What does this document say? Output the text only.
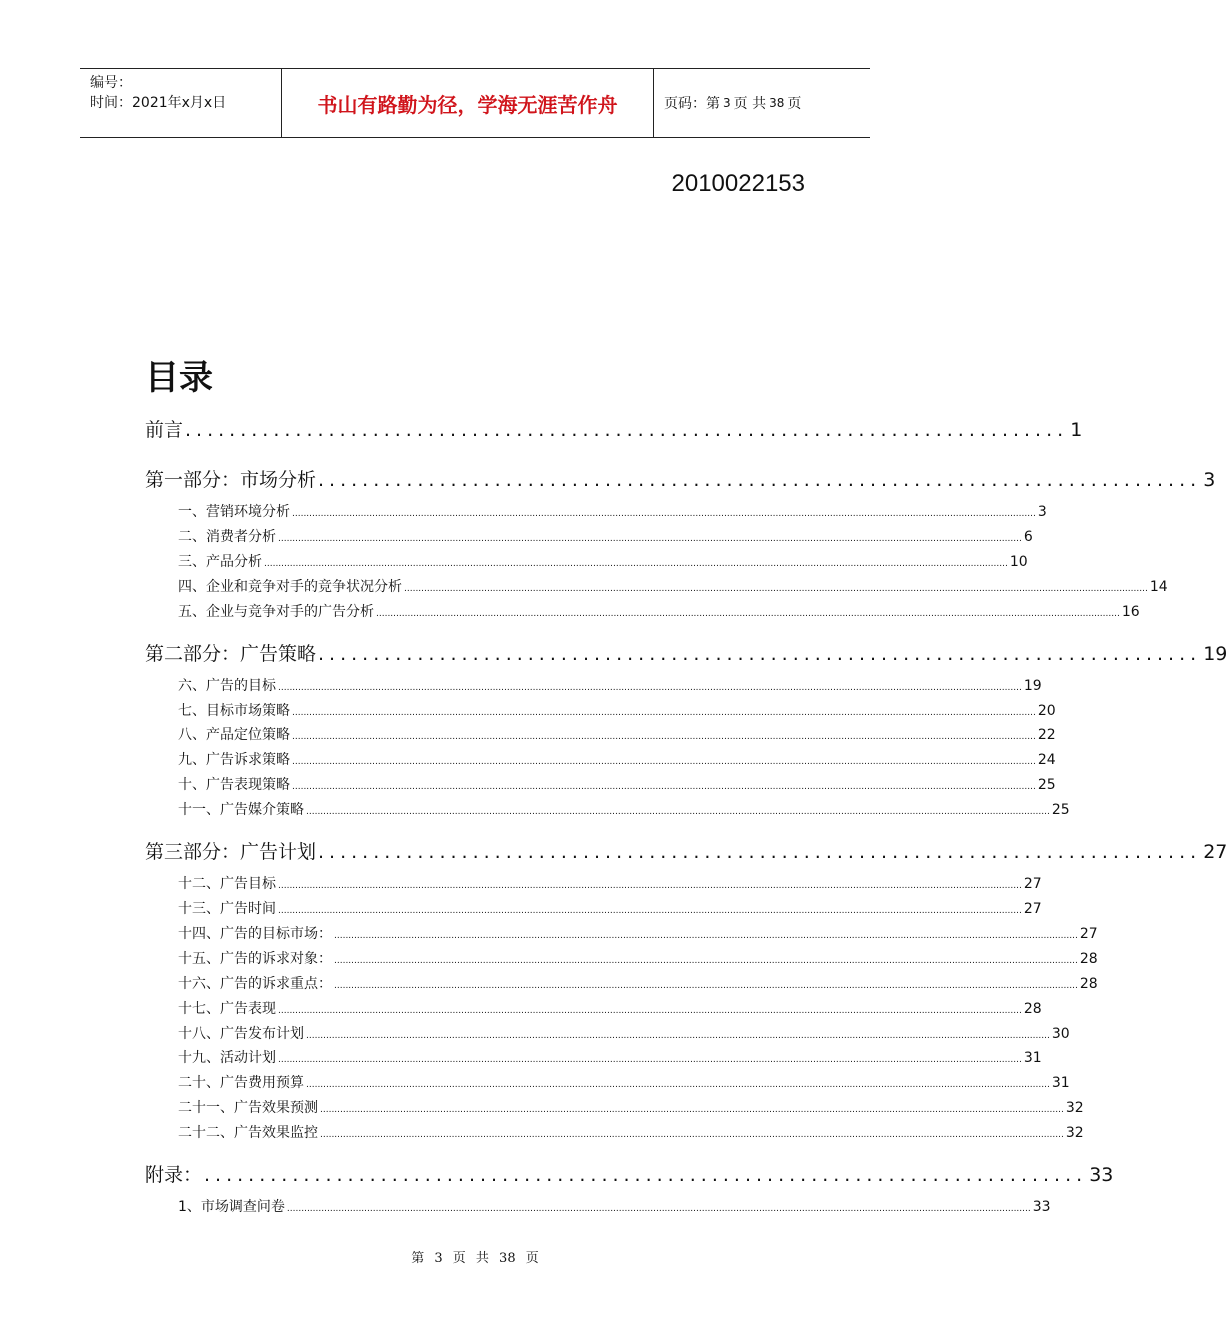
编号：
时间：2021年x月x日	书山有路勤为径，学海无涯苦作舟	页码：第 3 页 共 38 页
2010022153
目录
前言 ................................................................................ 1
第一部分：市场分析 ................................................................................ 3
一、营销环境分析 .................................................................................................................................................................................................................................................................... 3
二、消费者分析 .................................................................................................................................................................................................................................................................... 6
三、产品分析 .................................................................................................................................................................................................................................................................... 10
四、企业和竞争对手的竞争状况分析 .................................................................................................................................................................................................................................................................... 14
五、企业与竞争对手的广告分析 .................................................................................................................................................................................................................................................................... 16
第二部分：广告策略 ................................................................................ 19
六、广告的目标 .................................................................................................................................................................................................................................................................... 19
七、目标市场策略 .................................................................................................................................................................................................................................................................... 20
八、产品定位策略 .................................................................................................................................................................................................................................................................... 22
九、广告诉求策略 .................................................................................................................................................................................................................................................................... 24
十、广告表现策略 .................................................................................................................................................................................................................................................................... 25
十一、广告媒介策略 .................................................................................................................................................................................................................................................................... 25
第三部分：广告计划 ................................................................................ 27
十二、广告目标 .................................................................................................................................................................................................................................................................... 27
十三、广告时间 .................................................................................................................................................................................................................................................................... 27
十四、广告的目标市场： .................................................................................................................................................................................................................................................................... 27
十五、广告的诉求对象： .................................................................................................................................................................................................................................................................... 28
十六、广告的诉求重点： .................................................................................................................................................................................................................................................................... 28
十七、广告表现 .................................................................................................................................................................................................................................................................... 28
十八、广告发布计划 .................................................................................................................................................................................................................................................................... 30
十九、活动计划 .................................................................................................................................................................................................................................................................... 31
二十、广告费用预算 .................................................................................................................................................................................................................................................................... 31
二十一、广告效果预测 .................................................................................................................................................................................................................................................................... 32
二十二、广告效果监控 .................................................................................................................................................................................................................................................................... 32
附录： ................................................................................ 33
1、市场调查问卷 .................................................................................................................................................................................................................................................................... 33
第 3 页 共 38 页
